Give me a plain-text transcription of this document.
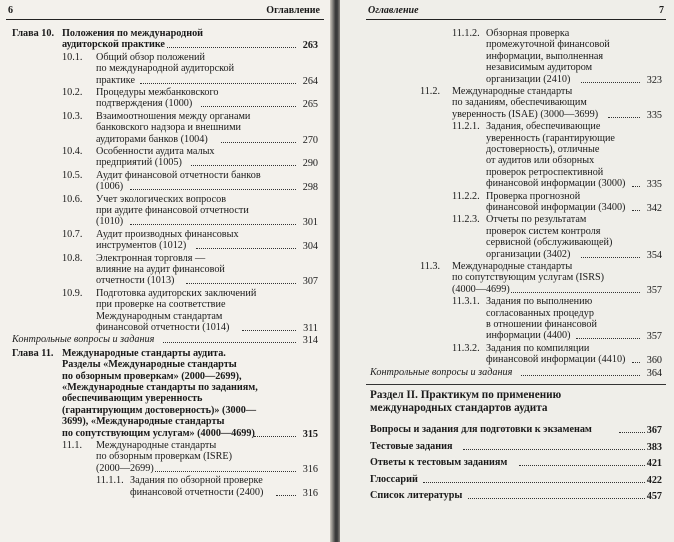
6	Оглавление
Глава 10. Положения по международной
аудиторской практике	263
10.1. Общий обзор положений
по международной аудиторской
практике	264
10.2. Процедуры межбанковского
подтверждения (1000)	265
10.3. Взаимоотношения между органами
банковского надзора и внешними
аудиторами банков (1004)	270
10.4. Особенности аудита малых
предприятий (1005)	290
10.5. Аудит финансовой отчетности банков
(1006)	298
10.6. Учет экологических вопросов
при аудите финансовой отчетности
(1010)	301
10.7. Аудит производных финансовых
инструментов (1012)	304
10.8. Электронная торговля —
влияние на аудит финансовой
отчетности (1013)	307
10.9. Подготовка аудиторских заключений
при проверке на соответствие
Международным стандартам
финансовой отчетности (1014)	311
Контрольные вопросы и задания	314
Глава 11. Международные стандарты аудита.
Разделы «Международные стандарты
по обзорным проверкам» (2000—2699),
«Международные стандарты по заданиям,
обеспечивающим уверенность
(гарантирующим достоверность)» (3000—
3699), «Международные стандарты
по сопутствующим услугам» (4000—4699)	315
11.1. Международные стандарты
по обзорным проверкам (ISRE)
(2000—2699)	316
11.1.1. Задания по обзорной проверке
финансовой отчетности (2400)	316
Оглавление	7
11.1.2. Обзорная проверка
промежуточной финансовой
информации, выполненная
независимым аудитором
организации (2410)	323
11.2. Международные стандарты
по заданиям, обеспечивающим
уверенность (ISAE) (3000—3699)	335
11.2.1. Задания, обеспечивающие
уверенность (гарантирующие
достоверность), отличные
от аудитов или обзорных
проверок ретроспективной
финансовой информации (3000)	335
11.2.2. Проверка прогнозной
финансовой информации (3400)	342
11.2.3. Отчеты по результатам
проверок систем контроля
сервисной (обслуживающей)
организации (3402)	354
11.3. Международные стандарты
по сопутствующим услугам (ISRS)
(4000—4699)	357
11.3.1. Задания по выполнению
согласованных процедур
в отношении финансовой
информации (4400)	357
11.3.2. Задания по компиляции
финансовой информации (4410)	360
Контрольные вопросы и задания	364
Раздел II. Практикум по применению
международных стандартов аудита
Вопросы и задания для подготовки к экзаменам	367
Тестовые задания	383
Ответы к тестовым заданиям	421
Глоссарий	422
Список литературы	457
